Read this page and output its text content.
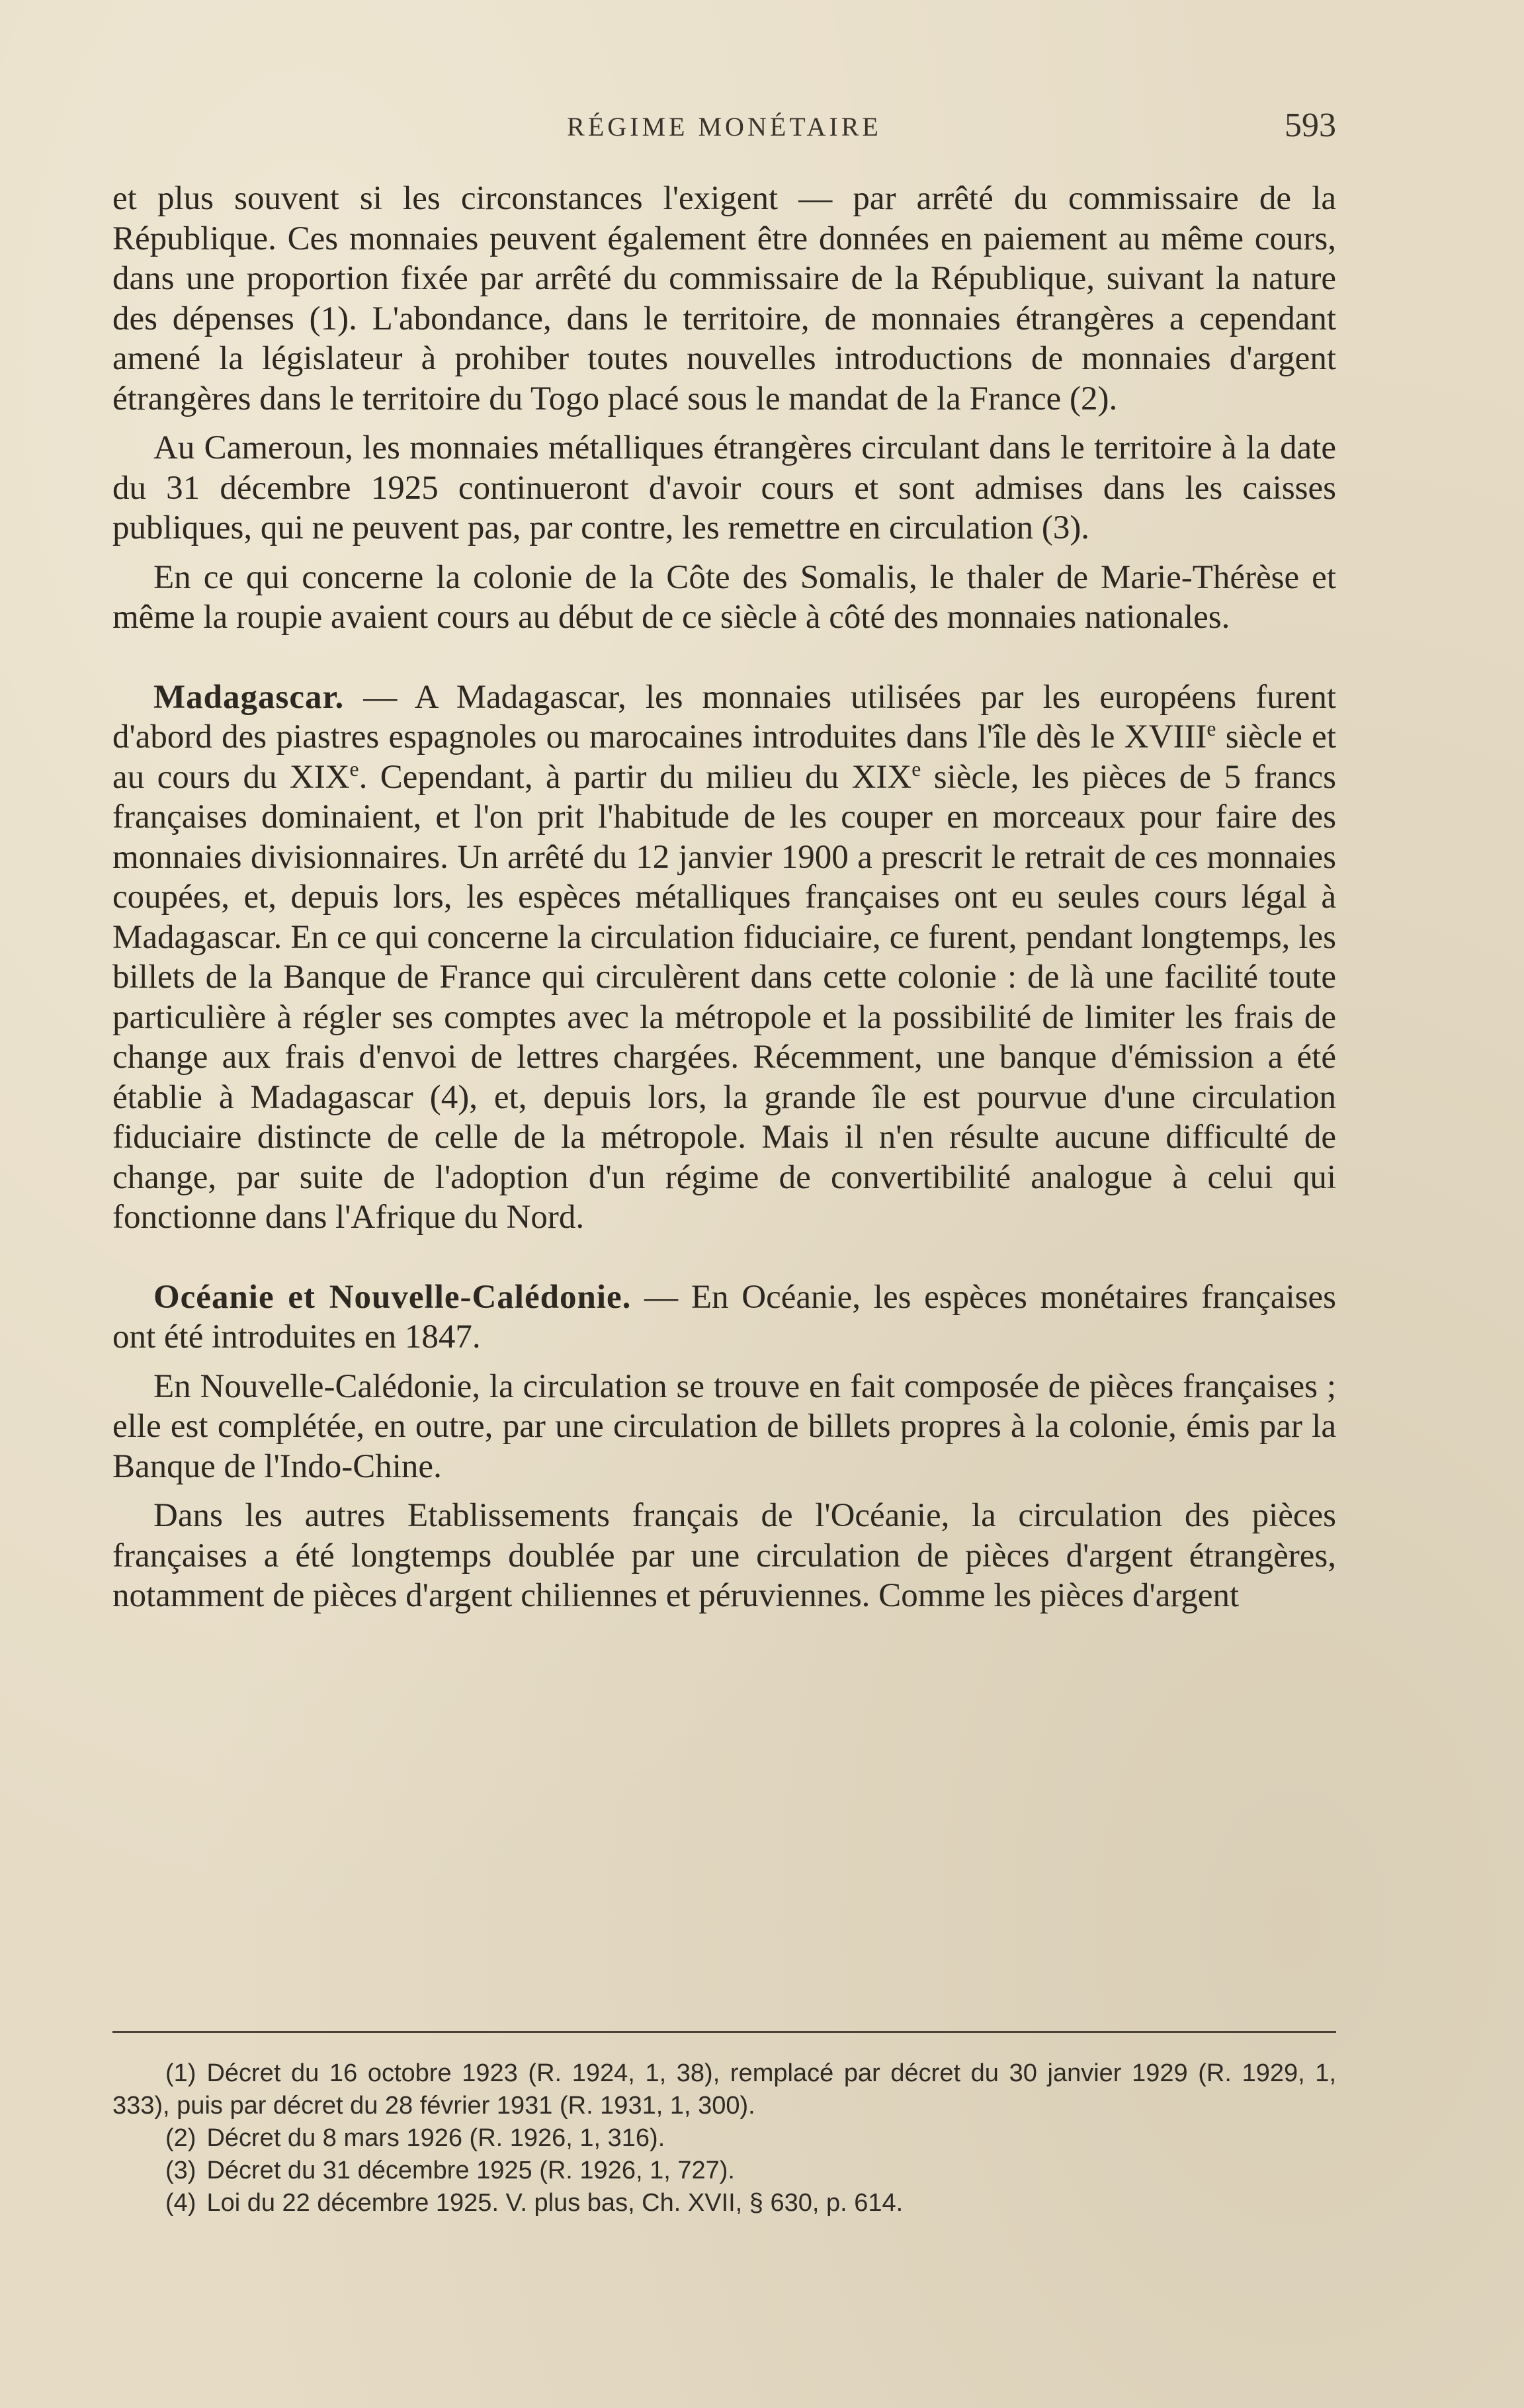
RÉGIME MONÉTAIRE	593

et plus souvent si les circonstances l'exigent — par arrêté du commissaire de la République. Ces monnaies peuvent également être données en paiement au même cours, dans une proportion fixée par arrêté du commissaire de la République, suivant la nature des dépenses (1). L'abondance, dans le territoire, de monnaies étrangères a cependant amené la législateur à prohiber toutes nouvelles introductions de monnaies d'argent étrangères dans le territoire du Togo placé sous le mandat de la France (2).

Au Cameroun, les monnaies métalliques étrangères circulant dans le territoire à la date du 31 décembre 1925 continueront d'avoir cours et sont admises dans les caisses publiques, qui ne peuvent pas, par contre, les remettre en circulation (3).

En ce qui concerne la colonie de la Côte des Somalis, le thaler de Marie-Thérèse et même la roupie avaient cours au début de ce siècle à côté des monnaies nationales.

Madagascar. — A Madagascar, les monnaies utilisées par les européens furent d'abord des piastres espagnoles ou marocaines introduites dans l'île dès le XVIIIe siècle et au cours du XIXe. Cependant, à partir du milieu du XIXe siècle, les pièces de 5 francs françaises dominaient, et l'on prit l'habitude de les couper en morceaux pour faire des monnaies divisionnaires. Un arrêté du 12 janvier 1900 a prescrit le retrait de ces monnaies coupées, et, depuis lors, les espèces métalliques françaises ont eu seules cours légal à Madagascar. En ce qui concerne la circulation fiduciaire, ce furent, pendant longtemps, les billets de la Banque de France qui circulèrent dans cette colonie : de là une facilité toute particulière à régler ses comptes avec la métropole et la possibilité de limiter les frais de change aux frais d'envoi de lettres chargées. Récemment, une banque d'émission a été établie à Madagascar (4), et, depuis lors, la grande île est pourvue d'une circulation fiduciaire distincte de celle de la métropole. Mais il n'en résulte aucune difficulté de change, par suite de l'adoption d'un régime de convertibilité analogue à celui qui fonctionne dans l'Afrique du Nord.

Océanie et Nouvelle-Calédonie. — En Océanie, les espèces monétaires françaises ont été introduites en 1847.

En Nouvelle-Calédonie, la circulation se trouve en fait composée de pièces françaises ; elle est complétée, en outre, par une circulation de billets propres à la colonie, émis par la Banque de l'Indo-Chine.

Dans les autres Etablissements français de l'Océanie, la circulation des pièces françaises a été longtemps doublée par une circulation de pièces d'argent étrangères, notamment de pièces d'argent chiliennes et péruviennes. Comme les pièces d'argent

(1) Décret du 16 octobre 1923 (R. 1924, 1, 38), remplacé par décret du 30 janvier 1929 (R. 1929, 1, 333), puis par décret du 28 février 1931 (R. 1931, 1, 300).

(2) Décret du 8 mars 1926 (R. 1926, 1, 316).

(3) Décret du 31 décembre 1925 (R. 1926, 1, 727).

(4) Loi du 22 décembre 1925. V. plus bas, Ch. XVII, § 630, p. 614.
